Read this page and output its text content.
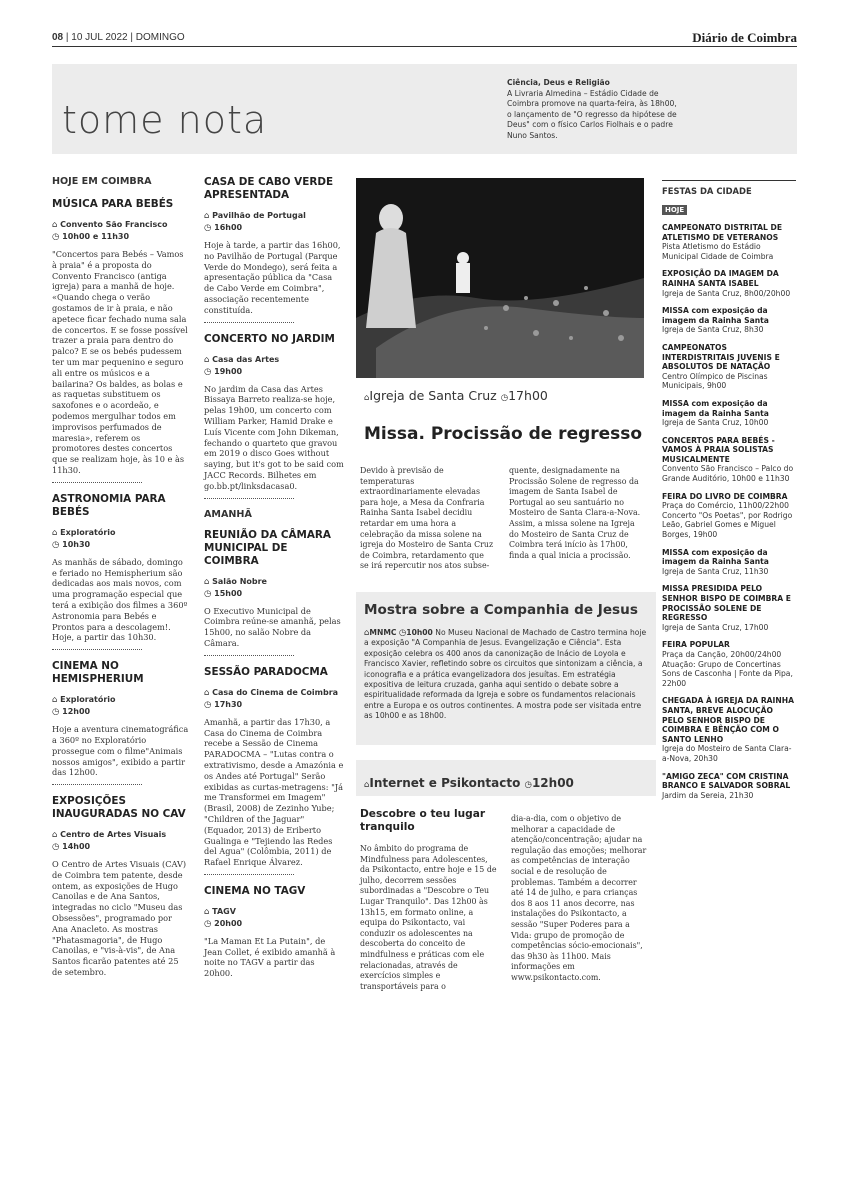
08 | 10 JUL 2022 | DOMINGO	Diário de Coimbra
tome nota
Ciência, Deus e Religião
A Livraria Almedina – Estádio Cidade de Coimbra promove na quarta-feira, às 18h00, o lançamento de "O regresso da hipótese de Deus" com o físico Carlos Fiolhais e o padre Nuno Santos.
HOJE EM COIMBRA
MÚSICA PARA BEBÉS
⌂ Convento São Francisco
◷ 10h00 e 11h30
"Concertos para Bebés – Vamos à praia" é a proposta do Convento Francisco (antiga igreja) para a manhã de hoje. «Quando chega o verão gostamos de ir à praia, e não apetece ficar fechado numa sala de concertos. E se fosse possível trazer a praia para dentro do palco? E se os bebés pudessem ter um mar pequenino e seguro ali entre os músicos e a bailarina? Os baldes, as bolas e as raquetas substituem os saxofones e o acordeão, e podemos mergulhar todos em improvisos perfumados de maresia», referem os promotores destes concertos que se realizam hoje, às 10 e às 11h30.
ASTRONOMIA PARA BEBÉS
⌂ Exploratório
◷ 10h30
As manhãs de sábado, domingo e feriado no Hemispherium são dedicadas aos mais novos, com uma programação especial que terá a exibição dos filmes a 360º Astronomia para Bebés e Prontos para a descolagem!. Hoje, a partir das 10h30.
CINEMA NO HEMISPHERIUM
⌂ Exploratório
◷ 12h00
Hoje a aventura cinematográfica a 360º no Exploratório prossegue com o filme"Animais nossos amigos", exibido a partir das 12h00.
EXPOSIÇÕES INAUGURADAS NO CAV
⌂ Centro de Artes Visuais
◷ 14h00
O Centro de Artes Visuais (CAV) de Coimbra tem patente, desde ontem, as exposições de Hugo Canoilas e de Ana Santos, integradas no ciclo "Museu das Obsessões", programado por Ana Anacleto. As mostras "Phatasmagoria", de Hugo Canoilas, e "vis-à-vis", de Ana Santos ficarão patentes até 25 de setembro.
CASA DE CABO VERDE APRESENTADA
⌂ Pavilhão de Portugal
◷ 16h00
Hoje à tarde, a partir das 16h00, no Pavilhão de Portugal (Parque Verde do Mondego), será feita a apresentação pública da "Casa de Cabo Verde em Coimbra", associação recentemente constituída.
CONCERTO NO JARDIM
⌂ Casa das Artes
◷ 19h00
No jardim da Casa das Artes Bissaya Barreto realiza-se hoje, pelas 19h00, um concerto com William Parker, Hamid Drake e Luís Vicente com John Dikeman, fechando o quarteto que gravou em 2019 o disco Goes without saying, but it's got to be said com JACC Records. Bilhetes em go.bb.pt/linksdacasa0.
AMANHÃ
REUNIÃO DA CÂMARA MUNICIPAL DE COIMBRA
⌂ Salão Nobre
◷ 15h00
O Executivo Municipal de Coimbra reúne-se amanhã, pelas 15h00, no salão Nobre da Câmara.
SESSÃO PARADOCMA
⌂ Casa do Cinema de Coimbra
◷ 17h30
Amanhã, a partir das 17h30, a Casa do Cinema de Coimbra recebe a Sessão de Cinema PARADOCMA – "Lutas contra o extrativismo, desde a Amazónia e os Andes até Portugal" Serão exibidas as curtas-metragens: "Já me Transformei em Imagem" (Brasil, 2008) de Zezinho Yube; "Children of the Jaguar" (Equador, 2013) de Eriberto Gualinga e "Tejiendo las Redes del Agua" (Colômbia, 2011) de Rafael Enrique Álvarez.
CINEMA NO TAGV
⌂ TAGV
◷ 20h00
"La Maman Et La Putain", de Jean Collet, é exibido amanhã à noite no TAGV a partir das 20h00.
⌂Igreja de Santa Cruz ◷17h00
Missa. Procissão de regresso
Devido à previsão de temperaturas extraordinariamente elevadas para hoje, a Mesa da Confraria Rainha Santa Isabel decidiu retardar em uma hora a celebração da missa solene na igreja do Mosteiro de Santa Cruz de Coimbra, retardamento que se irá repercutir nos atos subse-
quente, designadamente na Procissão Solene de regresso da imagem de Santa Isabel de Portugal ao seu santuário no Mosteiro de Santa Clara-a-Nova. Assim, a missa solene na Igreja do Mosteiro de Santa Cruz de Coimbra terá início às 17h00, finda a qual inicia a procissão.
Mostra sobre a Companhia de Jesus
⌂MNMC ◷10h00 No Museu Nacional de Machado de Castro termina hoje a exposição "A Companhia de Jesus. Evangelização e Ciência". Esta exposição celebra os 400 anos da canonização de Inácio de Loyola e Francisco Xavier, refletindo sobre os circuitos que sintonizam a ciência, a iconografia e a prática evangelizadora dos jesuítas. Em estratégia expositiva de leitura cruzada, ganha aqui sentido o debate sobre a espiritualidade reformada da Igreja e sobre os fundamentos relacionais entre a Europa e os outros continentes. A mostra pode ser visitada entre as 10h00 e as 18h00.
⌂Internet e Psikontacto ◷12h00
Descobre o teu lugar tranquilo
No âmbito do programa de Mindfulness para Adolescentes, da Psikontacto, entre hoje e 15 de julho, decorrem sessões subordinadas a "Descobre o Teu Lugar Tranquilo". Das 12h00 às 13h15, em formato online, a equipa do Psikontacto, vai conduzir os adolescentes na descoberta do conceito de mindfulness e práticas com ele relacionadas, através de exercícios simples e transportáveis para o
dia-a-dia, com o objetivo de melhorar a capacidade de atenção/concentração; ajudar na regulação das emoções; melhorar as competências de interação social e de resolução de problemas. Também a decorrer até 14 de julho, e para crianças dos 8 aos 11 anos decorre, nas instalações do Psikontacto, a sessão "Super Poderes para a Vida: grupo de promoção de competências sócio-emocionais", das 9h30 às 11h00. Mais informações em www.psikontacto.com.
FESTAS DA CIDADE
HOJE
CAMPEONATO DISTRITAL DE ATLETISMO DE VETERANOS
Pista Atletismo do Estádio Municipal Cidade de Coimbra
EXPOSIÇÃO DA IMAGEM DA RAINHA SANTA ISABEL
Igreja de Santa Cruz, 8h00/20h00
MISSA com exposição da imagem da Rainha Santa
Igreja de Santa Cruz, 8h30
CAMPEONATOS INTERDISTRITAIS JUVENIS E ABSOLUTOS DE NATAÇÃO
Centro Olímpico de Piscinas Municipais, 9h00
MISSA com exposição da imagem da Rainha Santa
Igreja de Santa Cruz, 10h00
CONCERTOS PARA BEBÉS - VAMOS À PRAIA SOLISTAS MUSICALMENTE
Convento São Francisco – Palco do Grande Auditório, 10h00 e 11h30
FEIRA DO LIVRO DE COIMBRA
Praça do Comércio, 11h00/22h00 Concerto "Os Poetas", por Rodrigo Leão, Gabriel Gomes e Miguel Borges, 19h00
MISSA com exposição da imagem da Rainha Santa
Igreja de Santa Cruz, 11h30
MISSA PRESIDIDA PELO SENHOR BISPO DE COIMBRA E PROCISSÃO SOLENE DE REGRESSO
Igreja de Santa Cruz, 17h00
FEIRA POPULAR
Praça da Canção, 20h00/24h00 Atuação: Grupo de Concertinas Sons de Casconha | Fonte da Pipa, 22h00
CHEGADA À IGREJA DA RAINHA SANTA, BREVE ALOCUÇÃO PELO SENHOR BISPO DE COIMBRA E BÊNÇÃO COM O SANTO LENHO
Igreja do Mosteiro de Santa Clara-a-Nova, 20h30
"AMIGO ZECA" COM CRISTINA BRANCO E SALVADOR SOBRAL
Jardim da Sereia, 21h30
